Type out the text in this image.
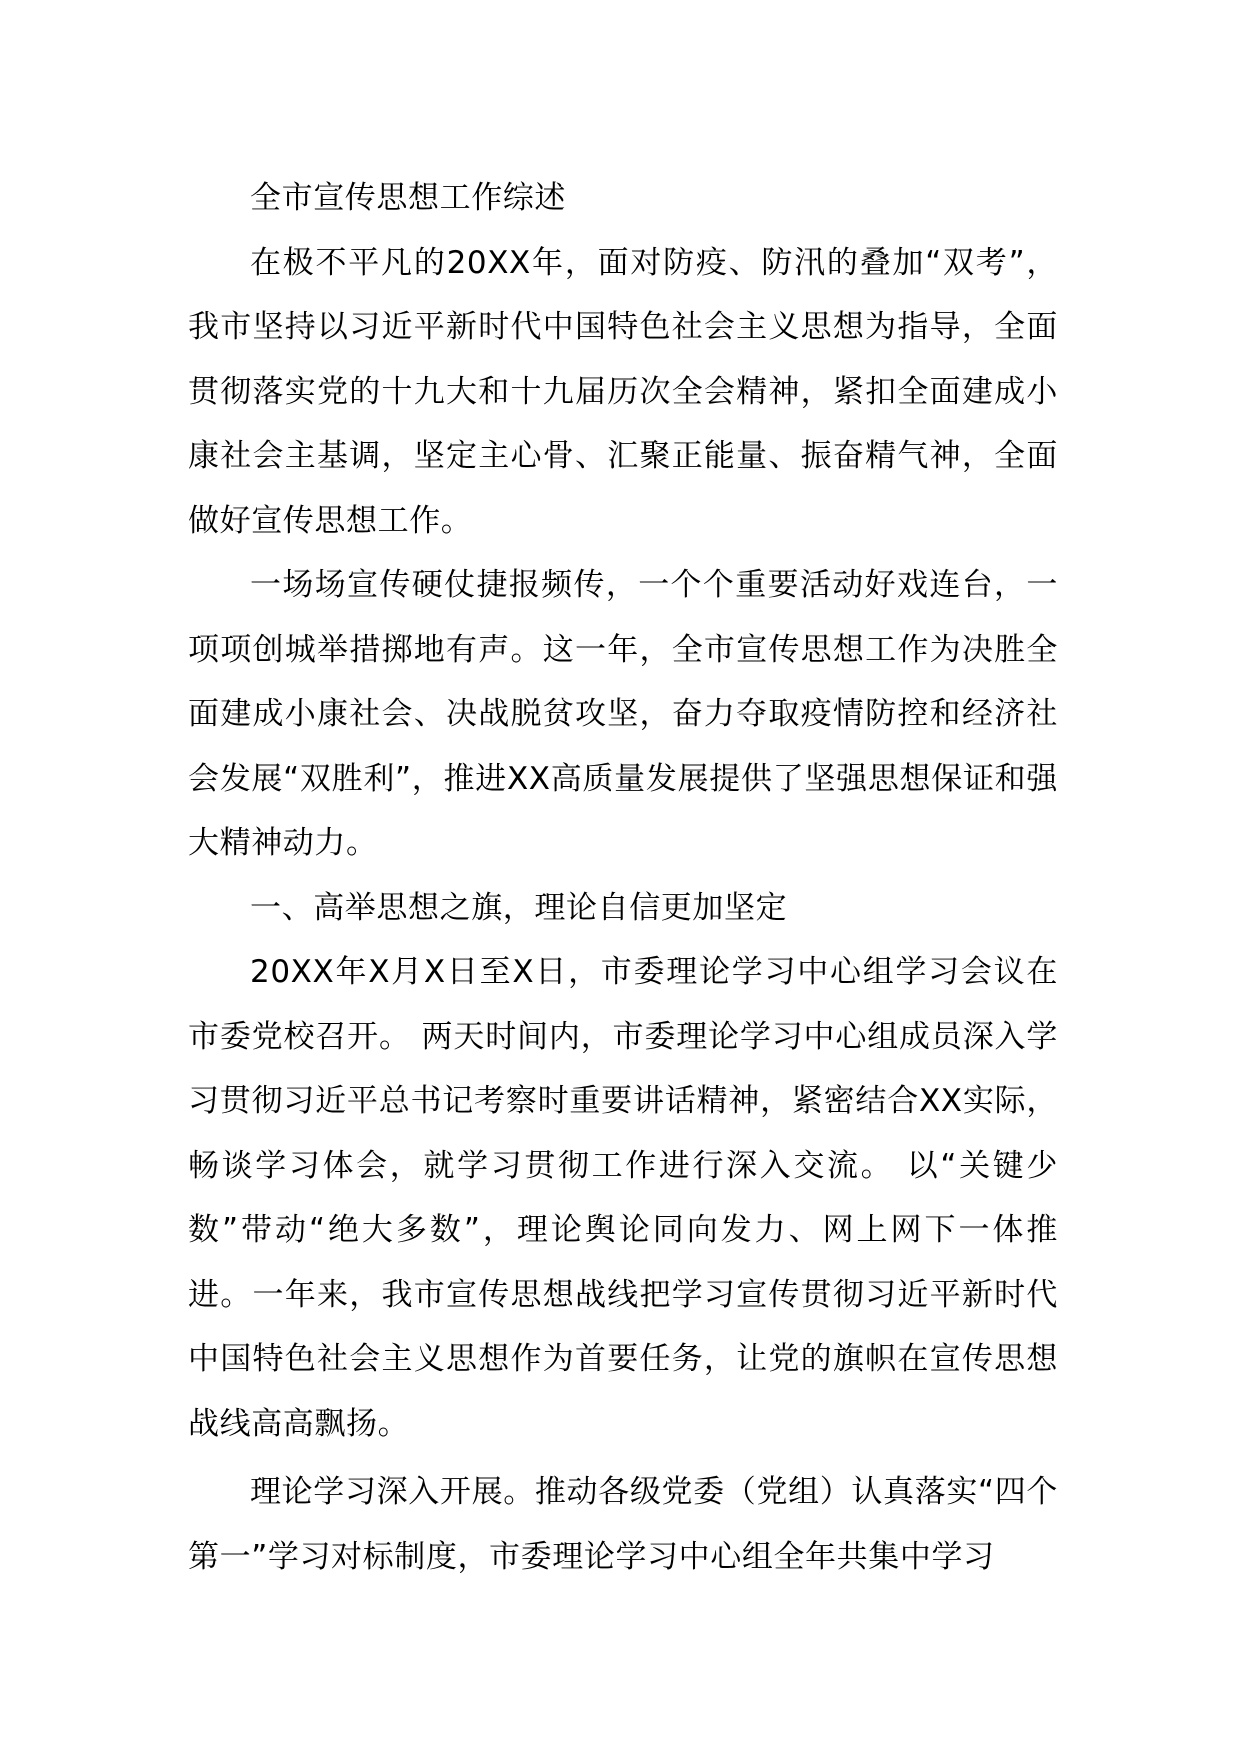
全市宣传思想工作综述

在极不平凡的20XX年，面对防疫、防汛的叠加“双考”，我市坚持以习近平新时代中国特色社会主义思想为指导，全面贯彻落实党的十九大和十九届历次全会精神，紧扣全面建成小康社会主基调，坚定主心骨、汇聚正能量、振奋精气神，全面做好宣传思想工作。

一场场宣传硬仗捷报频传，一个个重要活动好戏连台，一项项创城举措掷地有声。这一年，全市宣传思想工作为决胜全面建成小康社会、决战脱贫攻坚，奋力夺取疫情防控和经济社会发展“双胜利”，推进XX高质量发展提供了坚强思想保证和强大精神动力。

一、高举思想之旗，理论自信更加坚定

20XX年X月X日至X日，市委理论学习中心组学习会议在市委党校召开。 两天时间内，市委理论学习中心组成员深入学习贯彻习近平总书记考察时重要讲话精神，紧密结合XX实际，畅谈学习体会，就学习贯彻工作进行深入交流。 以“关键少数”带动“绝大多数”，理论舆论同向发力、网上网下一体推进。一年来，我市宣传思想战线把学习宣传贯彻习近平新时代中国特色社会主义思想作为首要任务，让党的旗帜在宣传思想战线高高飘扬。

理论学习深入开展。推动各级党委（党组）认真落实“四个第一”学习对标制度，市委理论学习中心组全年共集中学习
